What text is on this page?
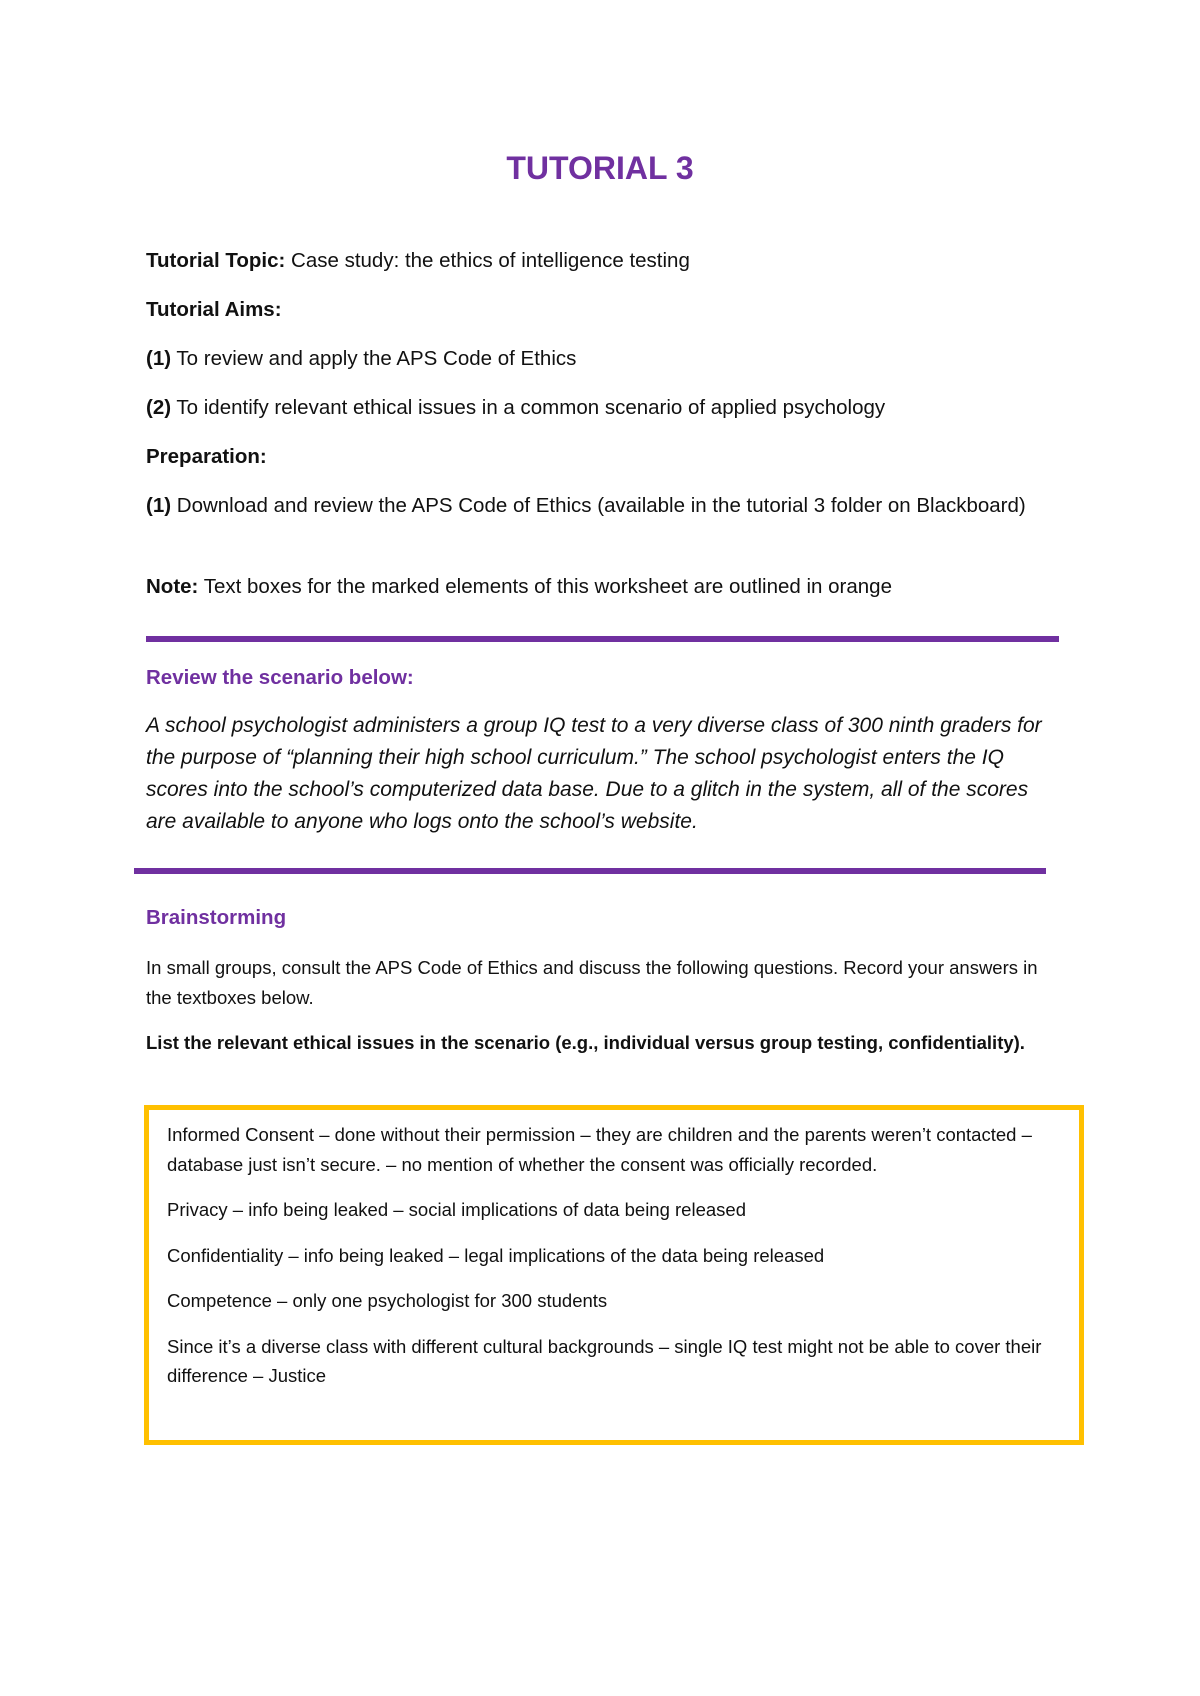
TUTORIAL 3
Tutorial Topic: Case study: the ethics of intelligence testing
Tutorial Aims:
(1) To review and apply the APS Code of Ethics
(2) To identify relevant ethical issues in a common scenario of applied psychology
Preparation:
(1) Download and review the APS Code of Ethics (available in the tutorial 3 folder on Blackboard)
Note: Text boxes for the marked elements of this worksheet are outlined in orange
Review the scenario below:
A school psychologist administers a group IQ test to a very diverse class of 300 ninth graders for the purpose of “planning their high school curriculum.” The school psychologist enters the IQ scores into the school’s computerized data base. Due to a glitch in the system, all of the scores are available to anyone who logs onto the school’s website.
Brainstorming
In small groups, consult the APS Code of Ethics and discuss the following questions. Record your answers in the textboxes below.
List the relevant ethical issues in the scenario (e.g., individual versus group testing, confidentiality).

Informed Consent – done without their permission – they are children and the parents weren’t contacted – database just isn’t secure. – no mention of whether the consent was officially recorded.

Privacy – info being leaked – social implications of data being released

Confidentiality – info being leaked – legal implications of the data being released

Competence – only one psychologist for 300 students

Since it’s a diverse class with different cultural backgrounds – single IQ test might not be able to cover their difference – Justice
